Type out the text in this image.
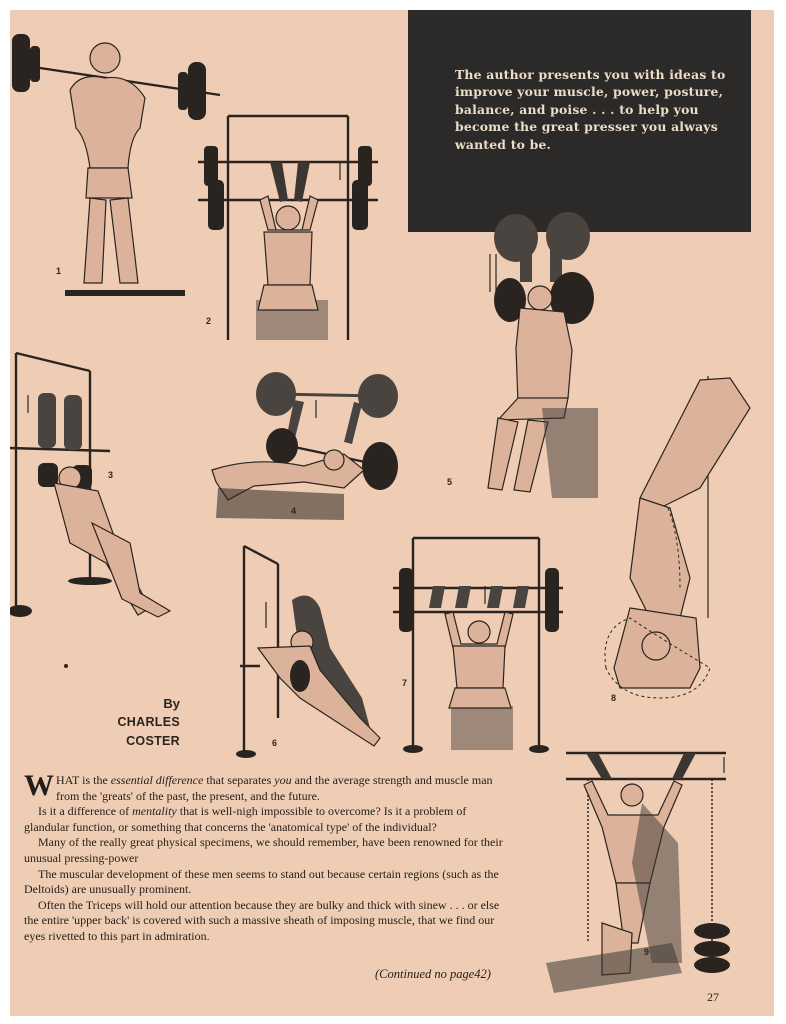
The author presents you with ideas to improve your muscle, power, posture, balance, and poise . . . to help you become the great presser you always wanted to be.
1
2
3
4
5
6
7
8
By
CHARLES
COSTER
9

WHAT is the essential difference that separates you and the average strength and muscle man from the 'greats' of the past, the present, and the future.

Is it a difference of mentality that is well-nigh impossible to overcome? Is it a problem of glandular function, or something that concerns the 'anatomical type' of the individual?

Many of the really great physical specimens, we should remember, have been renowned for their unusual pressing-power

The muscular development of these men seems to stand out because certain regions (such as the Deltoids) are unusually prominent.

Often the Triceps will hold our attention because they are bulky and thick with sinew . . . or else the entire 'upper back' is covered with such a massive sheath of imposing muscle, that we find our eyes rivetted to this part in admiration.

(Continued no page42)
27
